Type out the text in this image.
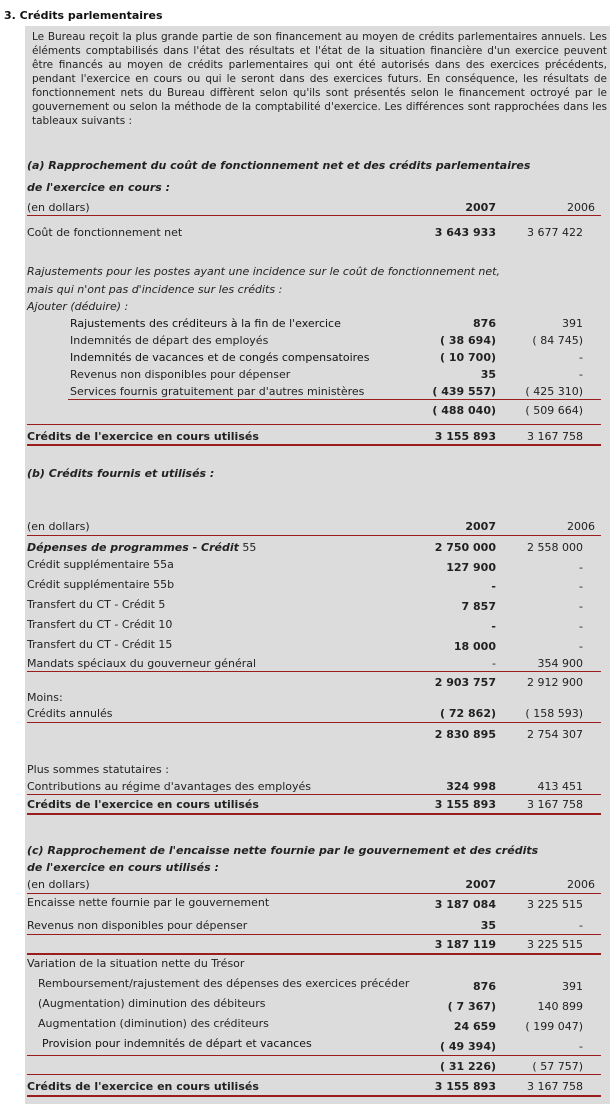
3. Crédits parlementaires
Le Bureau reçoit la plus grande partie de son financement au moyen de crédits parlementaires annuels. Les éléments comptabilisés dans l'état des résultats et l'état de la situation financière d'un exercice peuvent être financés au moyen de crédits parlementaires qui ont été autorisés dans des exercices précédents, pendant l'exercice en cours ou qui le seront dans des exercices futurs. En conséquence, les résultats de fonctionnement nets du Bureau diffèrent selon qu'ils sont présentés selon le financement octroyé par le gouvernement ou selon la méthode de la comptabilité d'exercice. Les différences sont rapprochées dans les tableaux suivants :
(a) Rapprochement du coût de fonctionnement net et des crédits parlementaires
de l'exercice en cours :
(en dollars)	2007	2006
Coût de fonctionnement net	3 643 933	3 677 422
Rajustements pour les postes ayant une incidence sur le coût de fonctionnement net,
mais qui n'ont pas d'incidence sur les crédits :
Ajouter (déduire) :
Rajustements des créditeurs à la fin de l'exercice	876	391
Indemnités de départ des employés	( 38 694)	( 84 745)
Indemnités de vacances et de congés compensatoires	( 10 700)	-
Revenus non disponibles pour dépenser	35	-
Services fournis gratuitement par d'autres ministères	( 439 557)	( 425 310)
( 488 040)	( 509 664)
Crédits de l'exercice en cours utilisés	3 155 893	3 167 758
(b) Crédits fournis et utilisés :
(en dollars)	2007	2006
Dépenses de programmes - Crédit 55	2 750 000	2 558 000
Crédit supplémentaire 55a	127 900	-
Crédit supplémentaire 55b	-	-
Transfert du CT - Crédit 5	7 857	-
Transfert du CT - Crédit 10	-	-
Transfert du CT - Crédit 15	18 000	-
Mandats spéciaux du gouverneur général	-	354 900
2 903 757	2 912 900
Moins:
Crédits annulés	( 72 862)	( 158 593)
2 830 895	2 754 307
Plus sommes statutaires :
Contributions au régime d'avantages des employés	324 998	413 451
Crédits de l'exercice en cours utilisés	3 155 893	3 167 758
(c) Rapprochement de l'encaisse nette fournie par le gouvernement et des crédits
de l'exercice en cours utilisés :
(en dollars)	2007	2006
Encaisse nette fournie par le gouvernement	3 187 084	3 225 515
Revenus non disponibles pour dépenser	35	-
3 187 119	3 225 515
Variation de la situation nette du Trésor
Remboursement/rajustement des dépenses des exercices précéder	876	391
(Augmentation) diminution des débiteurs	( 7 367)	140 899
Augmentation (diminution) des créditeurs	24 659	( 199 047)
Provision pour indemnités de départ et vacances	( 49 394)	-
( 31 226)	( 57 757)
Crédits de l'exercice en cours utilisés	3 155 893	3 167 758
